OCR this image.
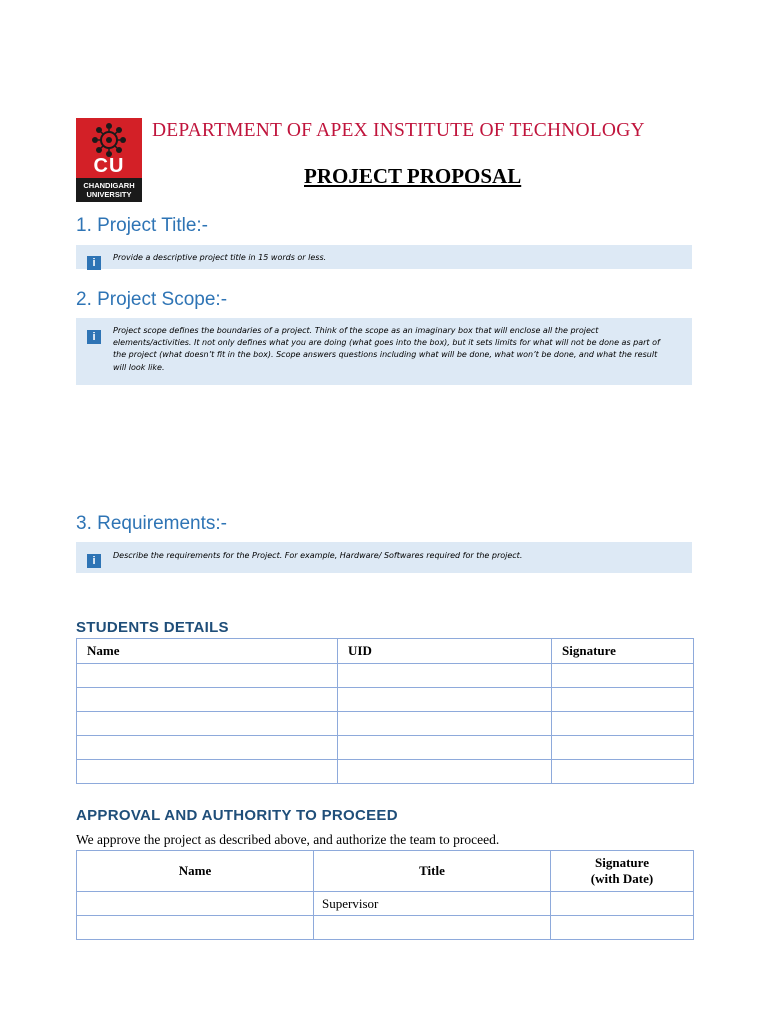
CU
CHANDIGARH
UNIVERSITY
DEPARTMENT OF APEX INSTITUTE OF TECHNOLOGY
PROJECT PROPOSAL
1. Project Title:-
i	Provide a descriptive project title in 15 words or less.
2. Project Scope:-
i
Project scope defines the boundaries of a project. Think of the scope as an imaginary box that will enclose all the project elements/activities. It not only defines what you are doing (what goes into the box), but it sets limits for what will not be done as part of the project (what doesn’t fit in the box). Scope answers questions including what will be done, what won’t be done, and what the result will look like.
3. Requirements:-
i	Describe the requirements for the Project. For example, Hardware/ Softwares required for the project.
STUDENTS DETAILS
Name	UID	Signature

APPROVAL AND AUTHORITY TO PROCEED
We approve the project as described above, and authorize the team to proceed.
Name	Title	Signature
(with Date)
	Supervisor	
